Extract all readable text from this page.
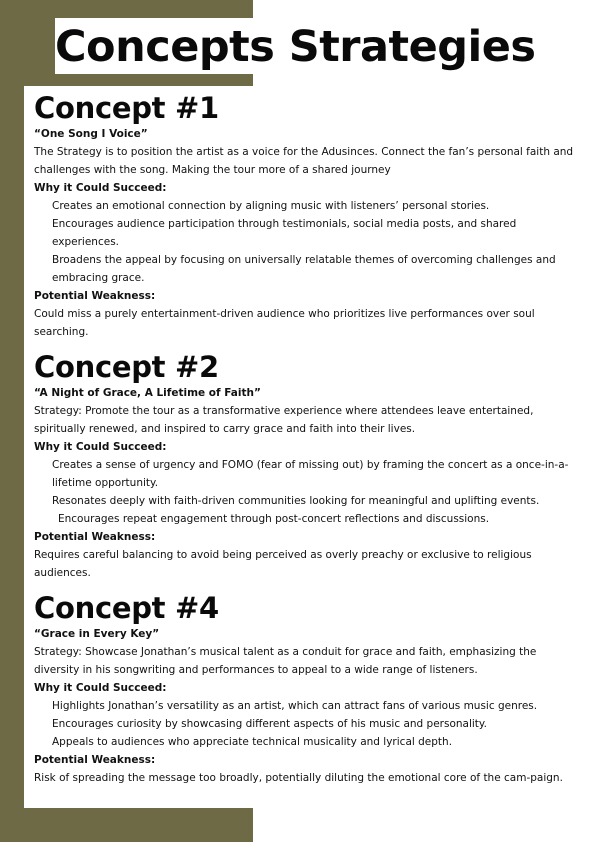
Concepts Strategies
Concept #1
“One Song I Voice”
The Strategy is to position the artist as a voice for the Adusinces. Connect the fan’s personal faith and challenges with the song. Making the tour more of a shared journey
Why it Could Succeed:
Creates an emotional connection by aligning music with listeners’ personal stories.
Encourages audience participation through testimonials, social media posts, and shared experiences.
Broadens the appeal by focusing on universally relatable themes of overcoming challenges and embracing grace.
Potential Weakness:
Could miss a purely entertainment-driven audience who prioritizes live performances over soul searching.
Concept #2
“A Night of Grace, A Lifetime of Faith”
Strategy: Promote the tour as a transformative experience where attendees leave entertained, spiritually renewed, and inspired to carry grace and faith into their lives.
Why it Could Succeed:
Creates a sense of urgency and FOMO (fear of missing out) by framing the concert as a once-in-a-lifetime opportunity.
Resonates deeply with faith-driven communities looking for meaningful and uplifting events.
Encourages repeat engagement through post-concert reflections and discussions.
Potential Weakness:
Requires careful balancing to avoid being perceived as overly preachy or exclusive to religious audiences.
Concept #4
“Grace in Every Key”
Strategy: Showcase Jonathan’s musical talent as a conduit for grace and faith, emphasizing the diversity in his songwriting and performances to appeal to a wide range of listeners.
Why it Could Succeed:
Highlights Jonathan’s versatility as an artist, which can attract fans of various music genres.
Encourages curiosity by showcasing different aspects of his music and personality.
Appeals to audiences who appreciate technical musicality and lyrical depth.
Potential Weakness:
Risk of spreading the message too broadly, potentially diluting the emotional core of the cam-paign.
